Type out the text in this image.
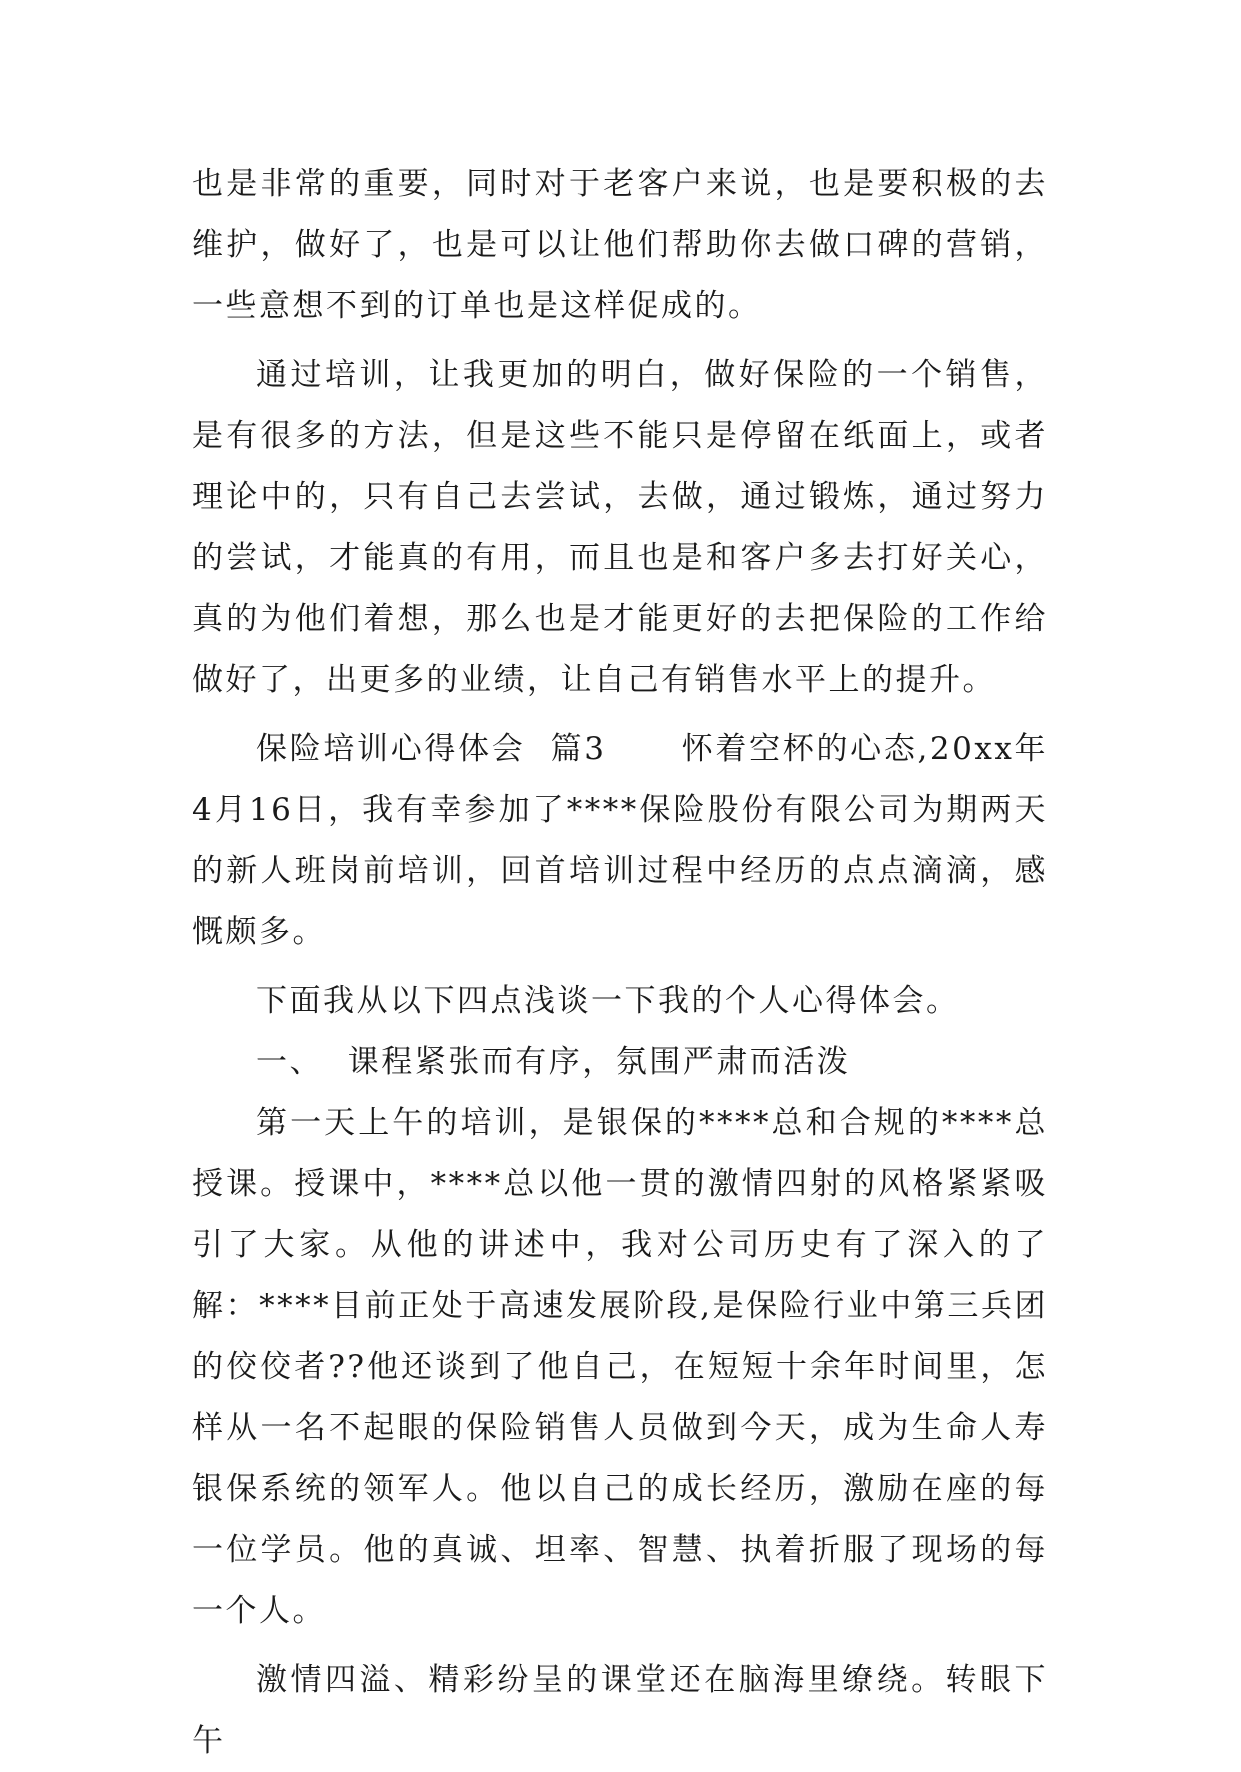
也是非常的重要，同时对于老客户来说，也是要积极的去维护，做好了，也是可以让他们帮助你去做口碑的营销，一些意想不到的订单也是这样促成的。

通过培训，让我更加的明白，做好保险的一个销售，是有很多的方法，但是这些不能只是停留在纸面上，或者理论中的，只有自己去尝试，去做，通过锻炼，通过努力的尝试，才能真的有用，而且也是和客户多去打好关心，真的为他们着想，那么也是才能更好的去把保险的工作给做好了，出更多的业绩，让自己有销售水平上的提升。

保险培训心得体会  篇3 怀着空杯的心态,20xx年4月16日，我有幸参加了****保险股份有限公司为期两天的新人班岗前培训，回首培训过程中经历的点点滴滴，感慨颇多。

下面我从以下四点浅谈一下我的个人心得体会。

一、  课程紧张而有序，氛围严肃而活泼

第一天上午的培训，是银保的****总和合规的****总授课。授课中，****总以他一贯的激情四射的风格紧紧吸引了大家。从他的讲述中，我对公司历史有了深入的了解：****目前正处于高速发展阶段,是保险行业中第三兵团的佼佼者??他还谈到了他自己，在短短十余年时间里，怎样从一名不起眼的保险销售人员做到今天，成为生命人寿银保系统的领军人。他以自己的成长经历，激励在座的每一位学员。他的真诚、坦率、智慧、执着折服了现场的每一个人。

激情四溢、精彩纷呈的课堂还在脑海里缭绕。转眼下午
